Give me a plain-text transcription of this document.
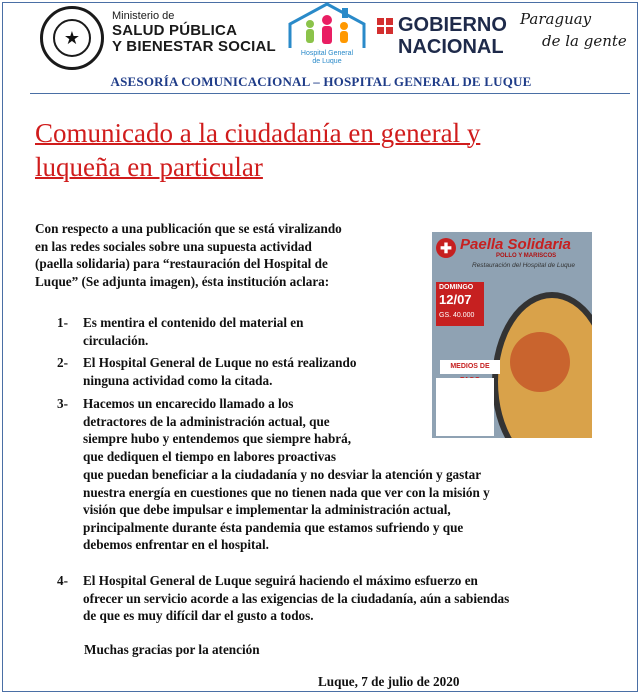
★
Ministerio de
SALUD PÚBLICA
Y BIENESTAR SOCIAL	Hospital General
de Luque
GOBIERNO
NACIONAL
Paraguay
de la gente
ASESORÍA COMUNICACIONAL – HOSPITAL GENERAL DE LUQUE
Comunicado a la ciudadanía en general y
luqueña en particular
Con respecto a una publicación que se está viralizando
en las redes sociales sobre una supuesta actividad
(paella solidaria) para “restauración del Hospital de
Luque” (Se adjunta imagen), ésta institución aclara:
✚ Paella Solidaria
POLLO Y MARISCOS
Restauración del Hospital de Luque
DOMINGO
12/07
GS. 40.000
MEDIOS DE
1- Es mentira el contenido del material en
circulación.
2- El Hospital General de Luque no está realizando
ninguna actividad como la citada.
3- Hacemos un encarecido llamado a los
detractores de la administración actual, que
siempre hubo y entendemos que siempre habrá,
que dediquen el tiempo en labores proactivas
que puedan beneficiar a la ciudadanía y no desviar la atención y gastar
nuestra energía en cuestiones que no tienen nada que ver con la misión y
visión que debe impulsar e implementar la administración actual,
principalmente durante ésta pandemia que estamos sufriendo y que
debemos enfrentar en el hospital.
4- El Hospital General de Luque seguirá haciendo el máximo esfuerzo en
ofrecer un servicio acorde a las exigencias de la ciudadanía, aún a sabiendas
de que es muy difícil dar el gusto a todos.
Muchas gracias por la atención
Luque, 7 de julio de 2020
